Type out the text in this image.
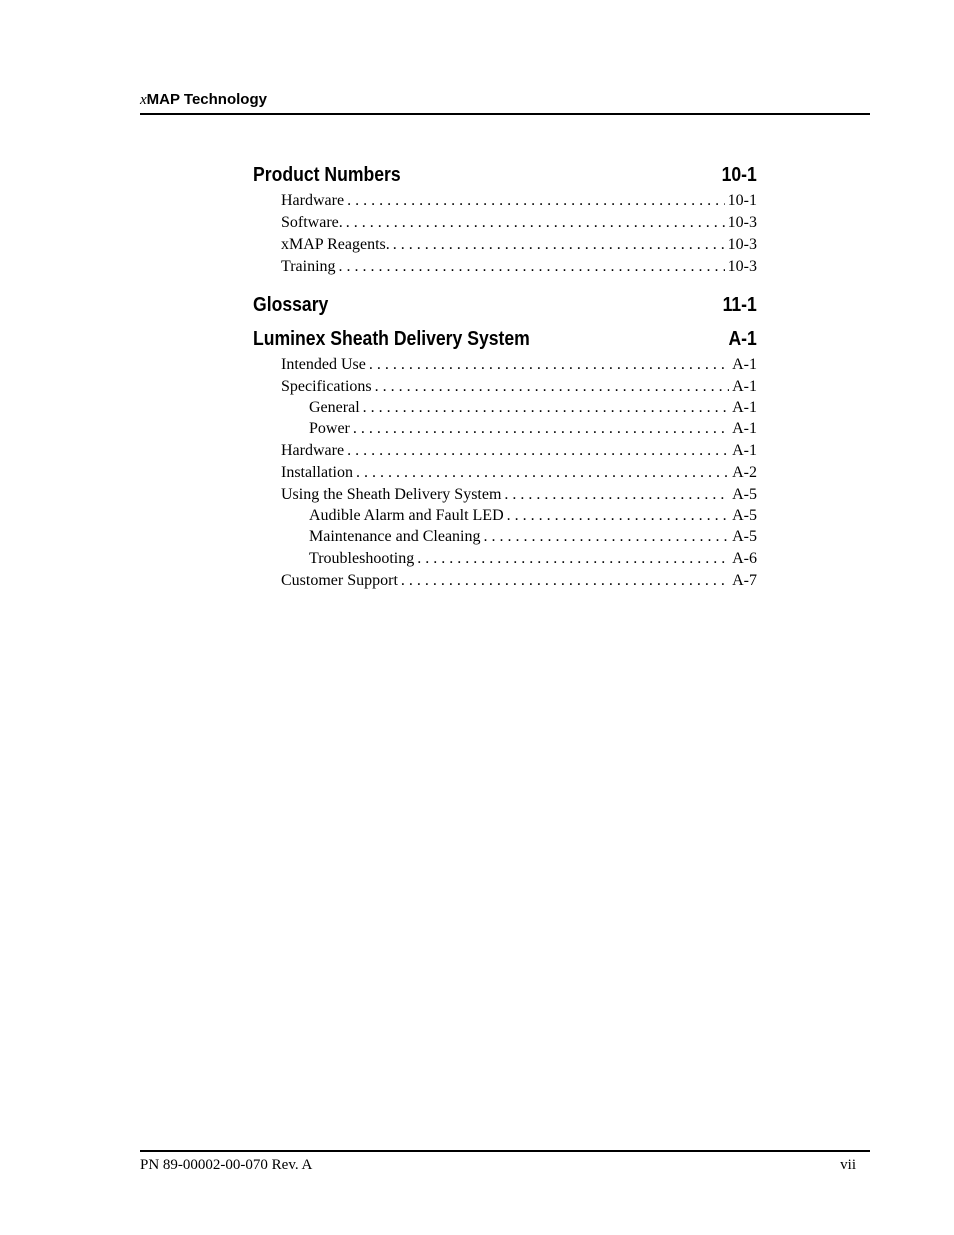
xMAP Technology
Product Numbers	10-1
Hardware . . .	10-1
Software. . . .	10-3
xMAP Reagents. . . .	10-3
Training . . .	10-3
Glossary	11-1
Luminex Sheath Delivery System	A-1
Intended Use . . .	A-1
Specifications . . .	A-1
General . . .	A-1
Power . . .	A-1
Hardware . . .	A-1
Installation . . .	A-2
Using the Sheath Delivery System . . .	A-5
Audible Alarm and Fault LED . . .	A-5
Maintenance and Cleaning . . .	A-5
Troubleshooting . . .	A-6
Customer Support . . .	A-7
PN 89-00002-00-070 Rev. A	vii
